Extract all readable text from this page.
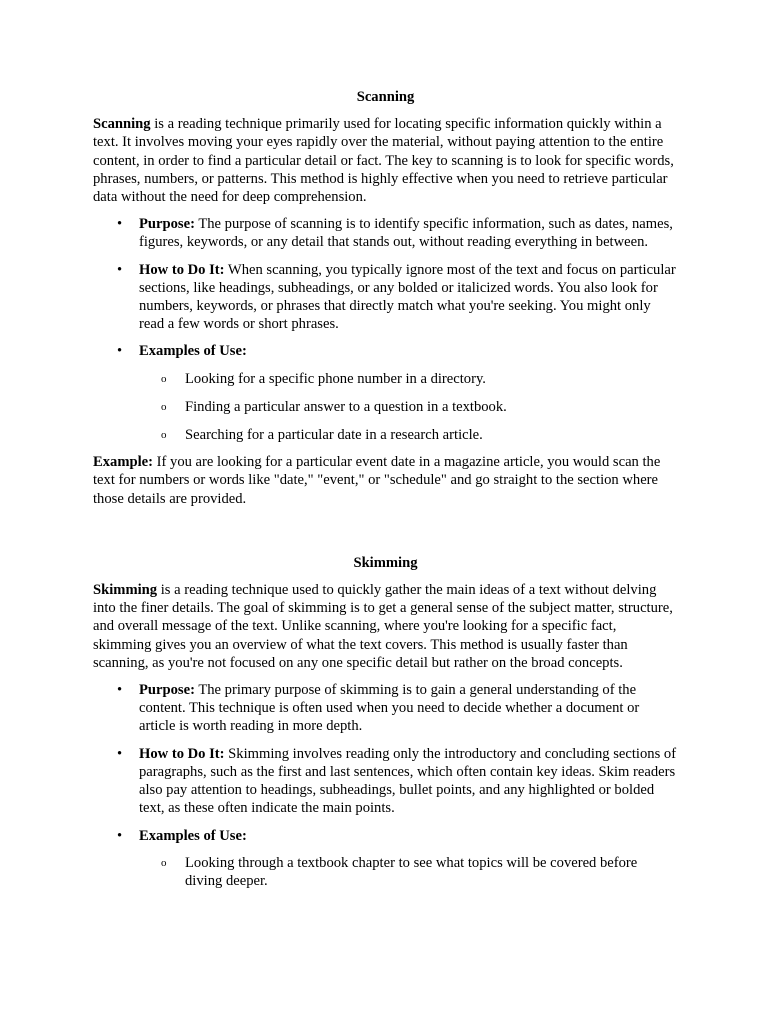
Scanning

Scanning is a reading technique primarily used for locating specific information quickly within a text. It involves moving your eyes rapidly over the material, without paying attention to the entire content, in order to find a particular detail or fact. The key to scanning is to look for specific words, phrases, numbers, or patterns. This method is highly effective when you need to retrieve particular data without the need for deep comprehension.

• Purpose: The purpose of scanning is to identify specific information, such as dates, names, figures, keywords, or any detail that stands out, without reading everything in between.
• How to Do It: When scanning, you typically ignore most of the text and focus on particular sections, like headings, subheadings, or any bolded or italicized words. You also look for numbers, keywords, or phrases that directly match what you're seeking. You might only read a few words or short phrases.
• Examples of Use:
o Looking for a specific phone number in a directory.
o Finding a particular answer to a question in a textbook.
o Searching for a particular date in a research article.

Example: If you are looking for a particular event date in a magazine article, you would scan the text for numbers or words like "date," "event," or "schedule" and go straight to the section where those details are provided.

Skimming

Skimming is a reading technique used to quickly gather the main ideas of a text without delving into the finer details. The goal of skimming is to get a general sense of the subject matter, structure, and overall message of the text. Unlike scanning, where you're looking for a specific fact, skimming gives you an overview of what the text covers. This method is usually faster than scanning, as you're not focused on any one specific detail but rather on the broad concepts.

• Purpose: The primary purpose of skimming is to gain a general understanding of the content. This technique is often used when you need to decide whether a document or article is worth reading in more depth.
• How to Do It: Skimming involves reading only the introductory and concluding sections of paragraphs, such as the first and last sentences, which often contain key ideas. Skim readers also pay attention to headings, subheadings, bullet points, and any highlighted or bolded text, as these often indicate the main points.
• Examples of Use:
o Looking through a textbook chapter to see what topics will be covered before diving deeper.
